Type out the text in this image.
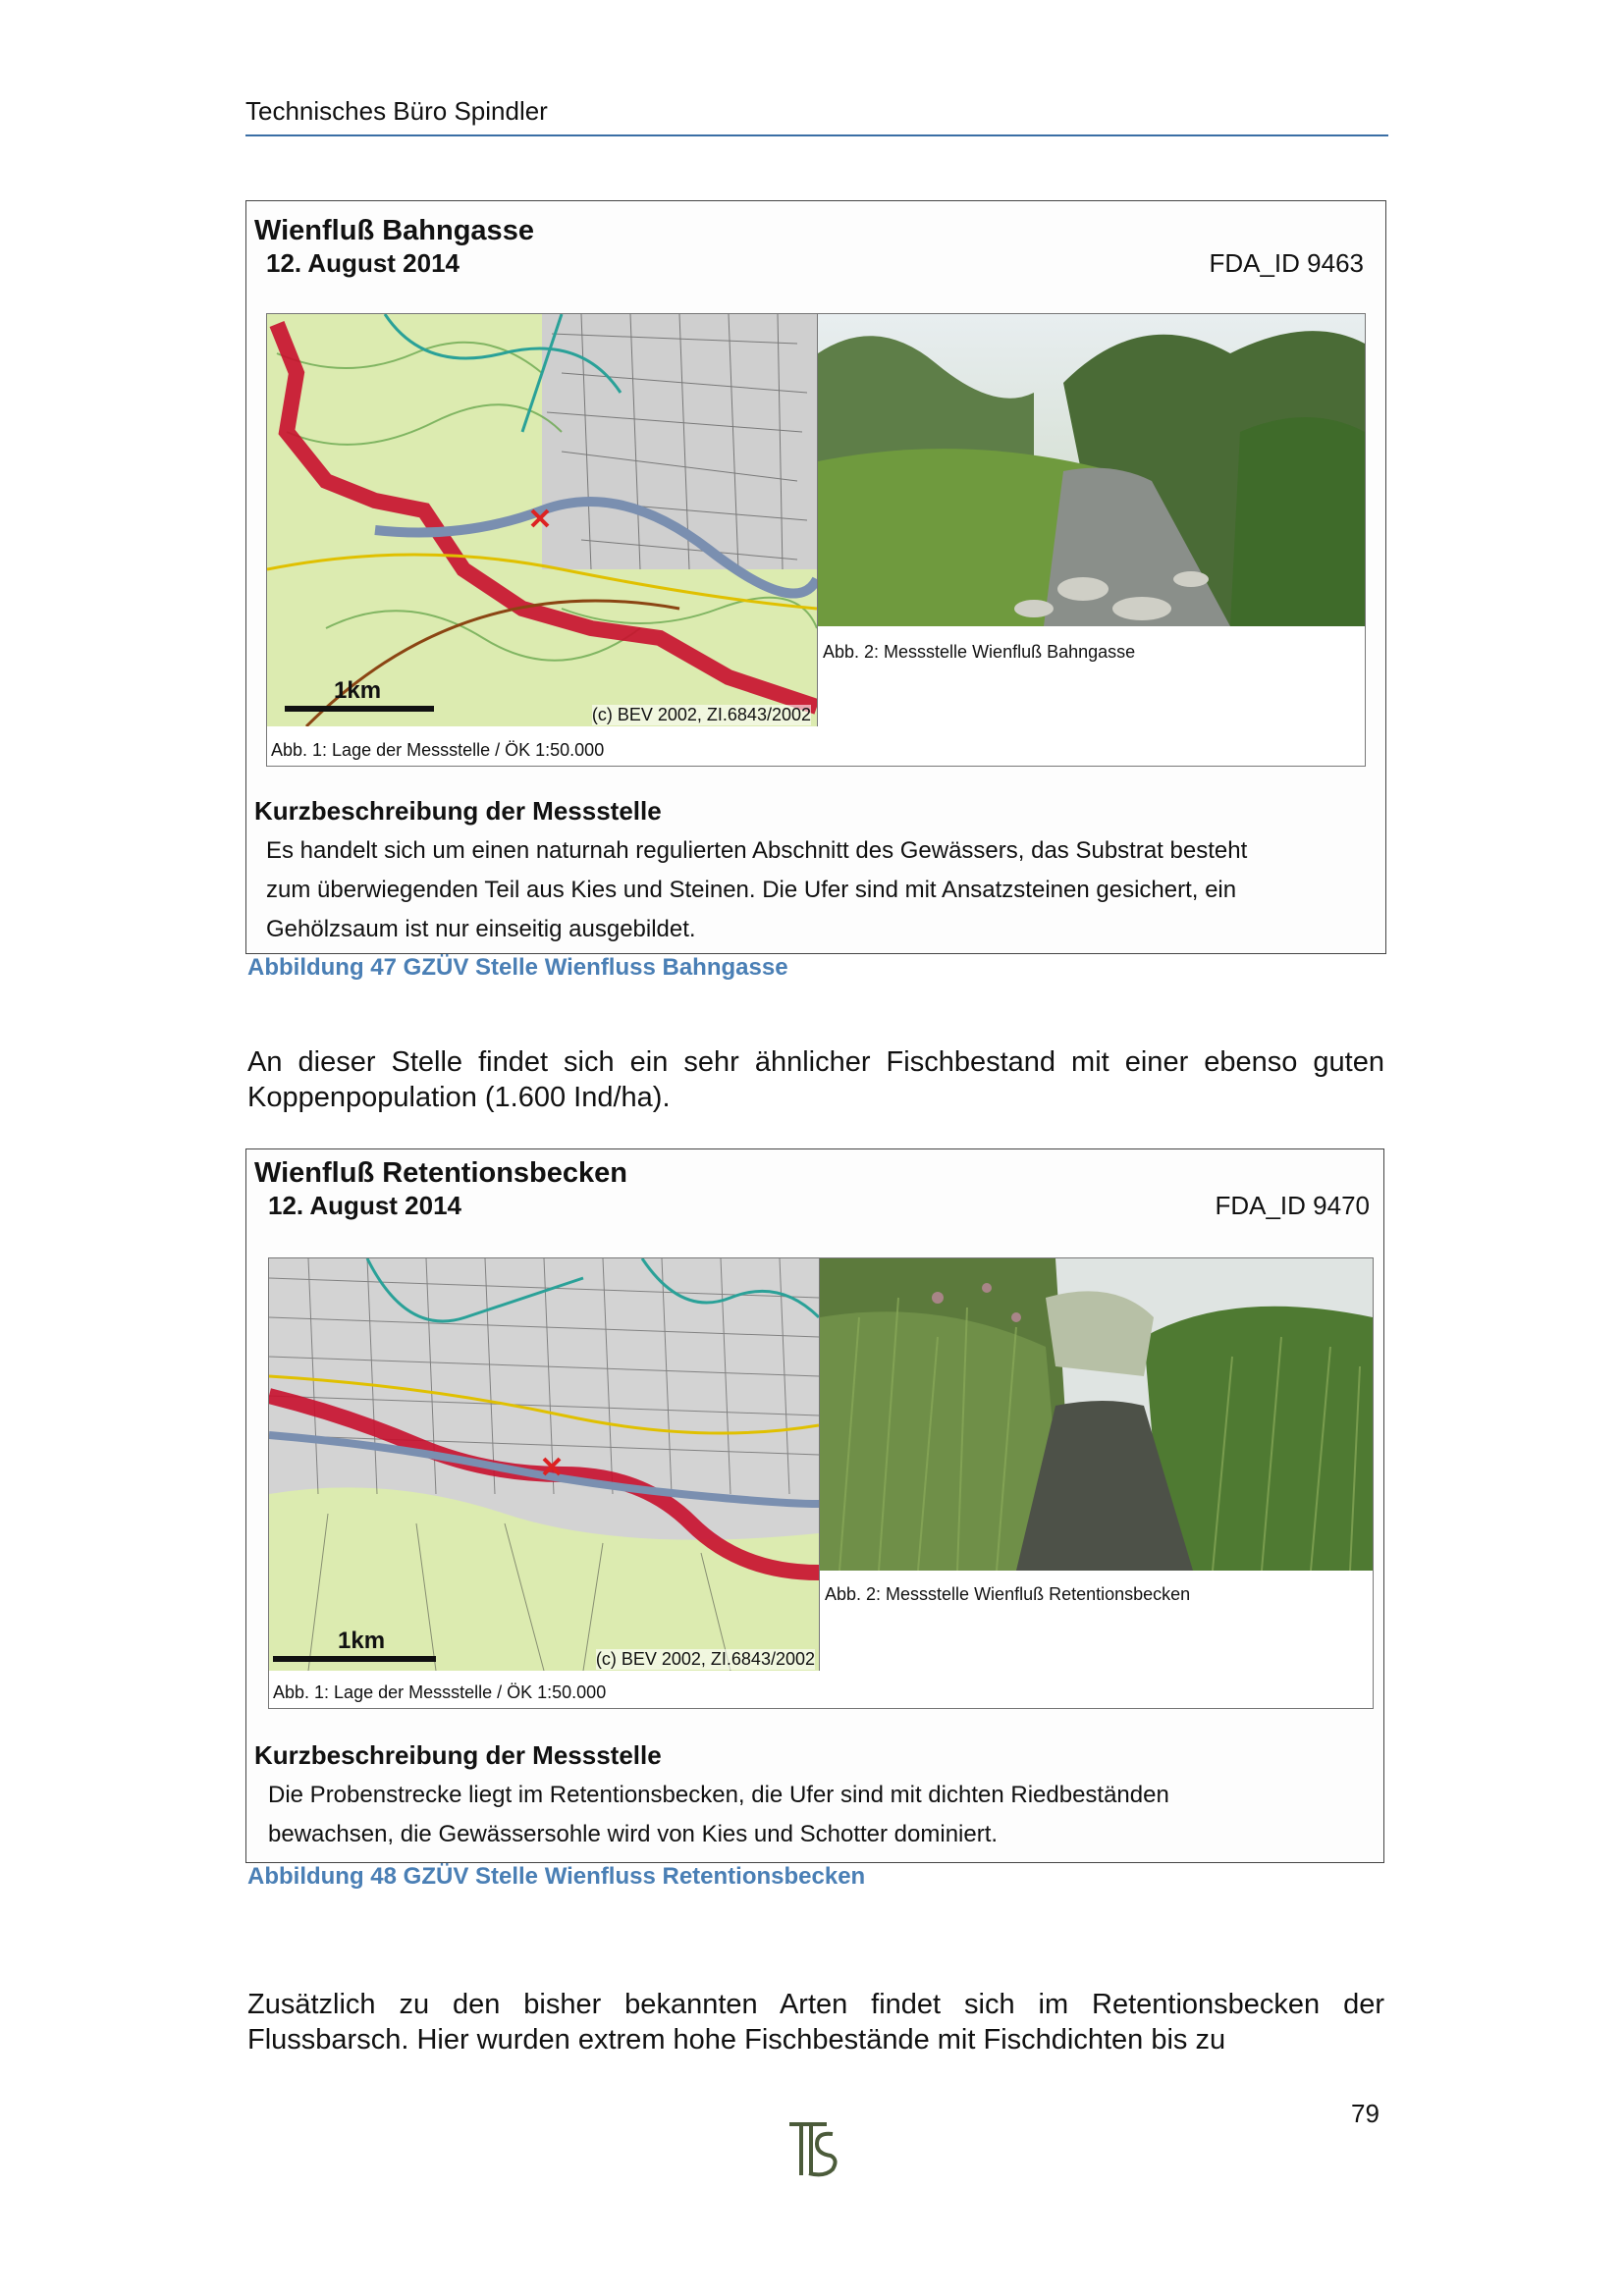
Technisches Büro Spindler
Wienfluß Bahngasse
12. August 2014	FDA_ID 9463
1km
(c) BEV 2002, ZI.6843/2002
Abb. 1: Lage der Messstelle / ÖK 1:50.000
Abb. 2: Messstelle Wienfluß Bahngasse
Kurzbeschreibung der Messstelle
Es handelt sich um einen naturnah regulierten Abschnitt des Gewässers, das Substrat besteht
zum überwiegenden Teil aus Kies und Steinen. Die Ufer sind mit Ansatzsteinen gesichert, ein
Gehölzsaum ist nur einseitig ausgebildet.
Abbildung 47 GZÜV Stelle Wienfluss Bahngasse
An dieser Stelle findet sich ein sehr ähnlicher Fischbestand mit einer ebenso guten Koppenpopulation (1.600 Ind/ha).
Wienfluß Retentionsbecken
12. August 2014	FDA_ID 9470
1km
(c) BEV 2002, ZI.6843/2002
Abb. 1: Lage der Messstelle / ÖK 1:50.000
Abb. 2: Messstelle Wienfluß Retentionsbecken
Kurzbeschreibung der Messstelle
Die Probenstrecke liegt im Retentionsbecken, die Ufer sind mit dichten Riedbeständen
bewachsen, die Gewässersohle wird von Kies und Schotter dominiert.
Abbildung 48 GZÜV Stelle Wienfluss Retentionsbecken
Zusätzlich zu den bisher bekannten Arten findet sich im Retentionsbecken der Flussbarsch. Hier wurden extrem hohe Fischbestände mit Fischdichten bis zu
79
